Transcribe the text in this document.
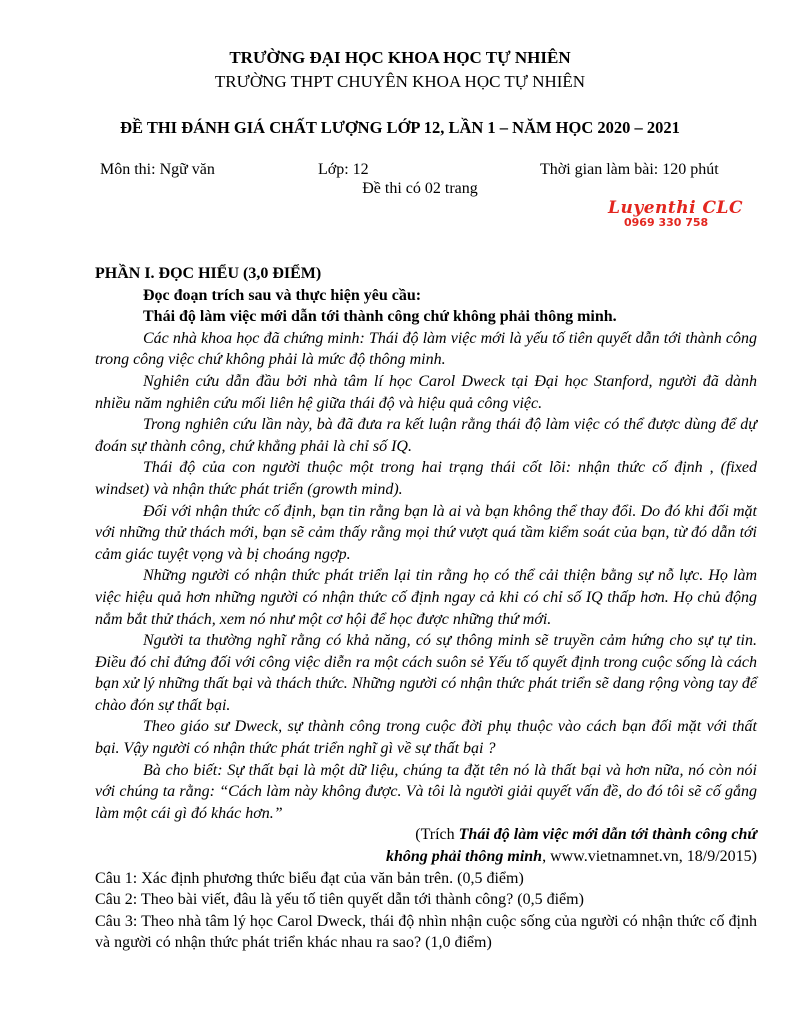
TRƯỜNG ĐẠI HỌC KHOA HỌC TỰ NHIÊN
TRƯỜNG THPT CHUYÊN KHOA HỌC TỰ NHIÊN
ĐỀ THI ĐÁNH GIÁ CHẤT LƯỢNG LỚP 12, LẦN 1 – NĂM HỌC 2020 – 2021
Môn thi: Ngữ văn	Lớp: 12	Thời gian làm bài: 120 phút
Đề thi có 02 trang
Luyenthi CLC
0969 330 758

PHẦN I. ĐỌC HIỂU (3,0 ĐIỂM)

Đọc đoạn trích sau và thực hiện yêu cầu:

Thái độ làm việc mới dẫn tới thành công chứ không phải thông minh.

Các nhà khoa học đã chứng minh: Thái độ làm việc mới là yếu tố tiên quyết dẫn tới thành công trong công việc chứ không phải là mức độ thông minh.

Nghiên cứu dẫn đầu bởi nhà tâm lí học Carol Dweck tại Đại học Stanford, người đã dành nhiều năm nghiên cứu mối liên hệ giữa thái độ và hiệu quả công việc.

Trong nghiên cứu lần này, bà đã đưa ra kết luận rằng thái độ làm việc có thể được dùng để dự đoán sự thành công, chứ khẳng phải là chỉ số IQ.

Thái độ của con người thuộc một trong hai trạng thái cốt lõi: nhận thức cố định , (fixed windset) và nhận thức phát triển (growth mind).

Đối với nhận thức cố định, bạn tin rằng bạn là ai và bạn không thể thay đổi. Do đó khi đối mặt với những thử thách mới, bạn sẽ cảm thấy rằng mọi thứ vượt quá tầm kiểm soát của bạn, từ đó dẫn tới cảm giác tuyệt vọng và bị choáng ngợp.

Những người có nhận thức phát triển lại tin rằng họ có thể cải thiện bằng sự nỗ lực. Họ làm việc hiệu quả hơn những người có nhận thức cố định ngay cả khi có chỉ số IQ thấp hơn. Họ chủ động nắm bắt thử thách, xem nó như một cơ hội để học được những thứ mới.

Người ta thường nghĩ rằng có khả năng, có sự thông minh sẽ truyền cảm hứng cho sự tự tin. Điều đó chỉ đứng đối với công việc diễn ra một cách suôn sẻ Yếu tố quyết định trong cuộc sống là cách bạn xử lý những thất bại và thách thức. Những người có nhận thức phát triển sẽ dang rộng vòng tay để chào đón sự thất bại.

Theo giáo sư Dweck, sự thành công trong cuộc đời phụ thuộc vào cách bạn đối mặt với thất bại. Vậy người có nhận thức phát triển nghĩ gì về sự thất bại ?

Bà cho biết: Sự thất bại là một dữ liệu, chúng ta đặt tên nó là thất bại và hơn nữa, nó còn nói với chúng ta rằng: “Cách làm này không được. Và tôi là người giải quyết vấn đề, do đó tôi sẽ cố gắng làm một cái gì đó khác hơn.”

(Trích Thái độ làm việc mới dẫn tới thành công chứ
không phải thông minh, www.vietnamnet.vn, 18/9/2015)

Câu 1: Xác định phương thức biểu đạt của văn bản trên. (0,5 điểm)

Câu 2: Theo bài viết, đâu là yếu tố tiên quyết dẫn tới thành công? (0,5 điểm)

Câu 3: Theo nhà tâm lý học Carol Dweck, thái độ nhìn nhận cuộc sống của người có nhận thức cố định và người có nhận thức phát triển khác nhau ra sao? (1,0 điểm)
